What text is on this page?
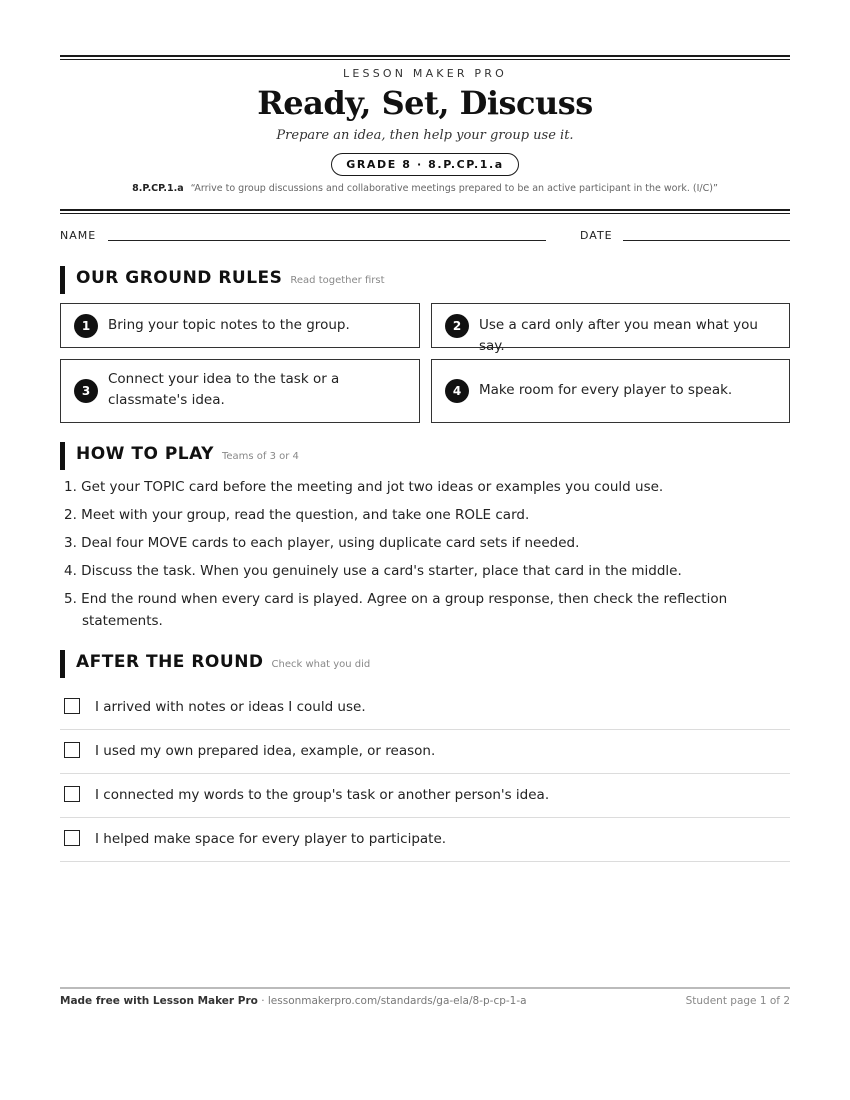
LESSON MAKER PRO
Ready, Set, Discuss
Prepare an idea, then help your group use it.
GRADE 8 · 8.P.CP.1.a
8.P.CP.1.a “Arrive to group discussions and collaborative meetings prepared to be an active participant in the work. (I/C)”
NAME	DATE
OUR GROUND RULES Read together first
1	Bring your topic notes to the group.	2	Use a card only after you mean what you say.
3
Connect your idea to the task or a classmate's idea.
4	Make room for every player to speak.
HOW TO PLAY Teams of 3 or 4
1. Get your TOPIC card before the meeting and jot two ideas or examples you could use.
2. Meet with your group, read the question, and take one ROLE card.
3. Deal four MOVE cards to each player, using duplicate card sets if needed.
4. Discuss the task. When you genuinely use a card's starter, place that card in the middle.
5. End the round when every card is played. Agree on a group response, then check the reflection statements.
AFTER THE ROUND Check what you did
I arrived with notes or ideas I could use.
I used my own prepared idea, example, or reason.
I connected my words to the group's task or another person's idea.
I helped make space for every player to participate.
Made free with Lesson Maker Pro · lessonmakerpro.com/standards/ga-ela/8-p-cp-1-a	Student page 1 of 2
